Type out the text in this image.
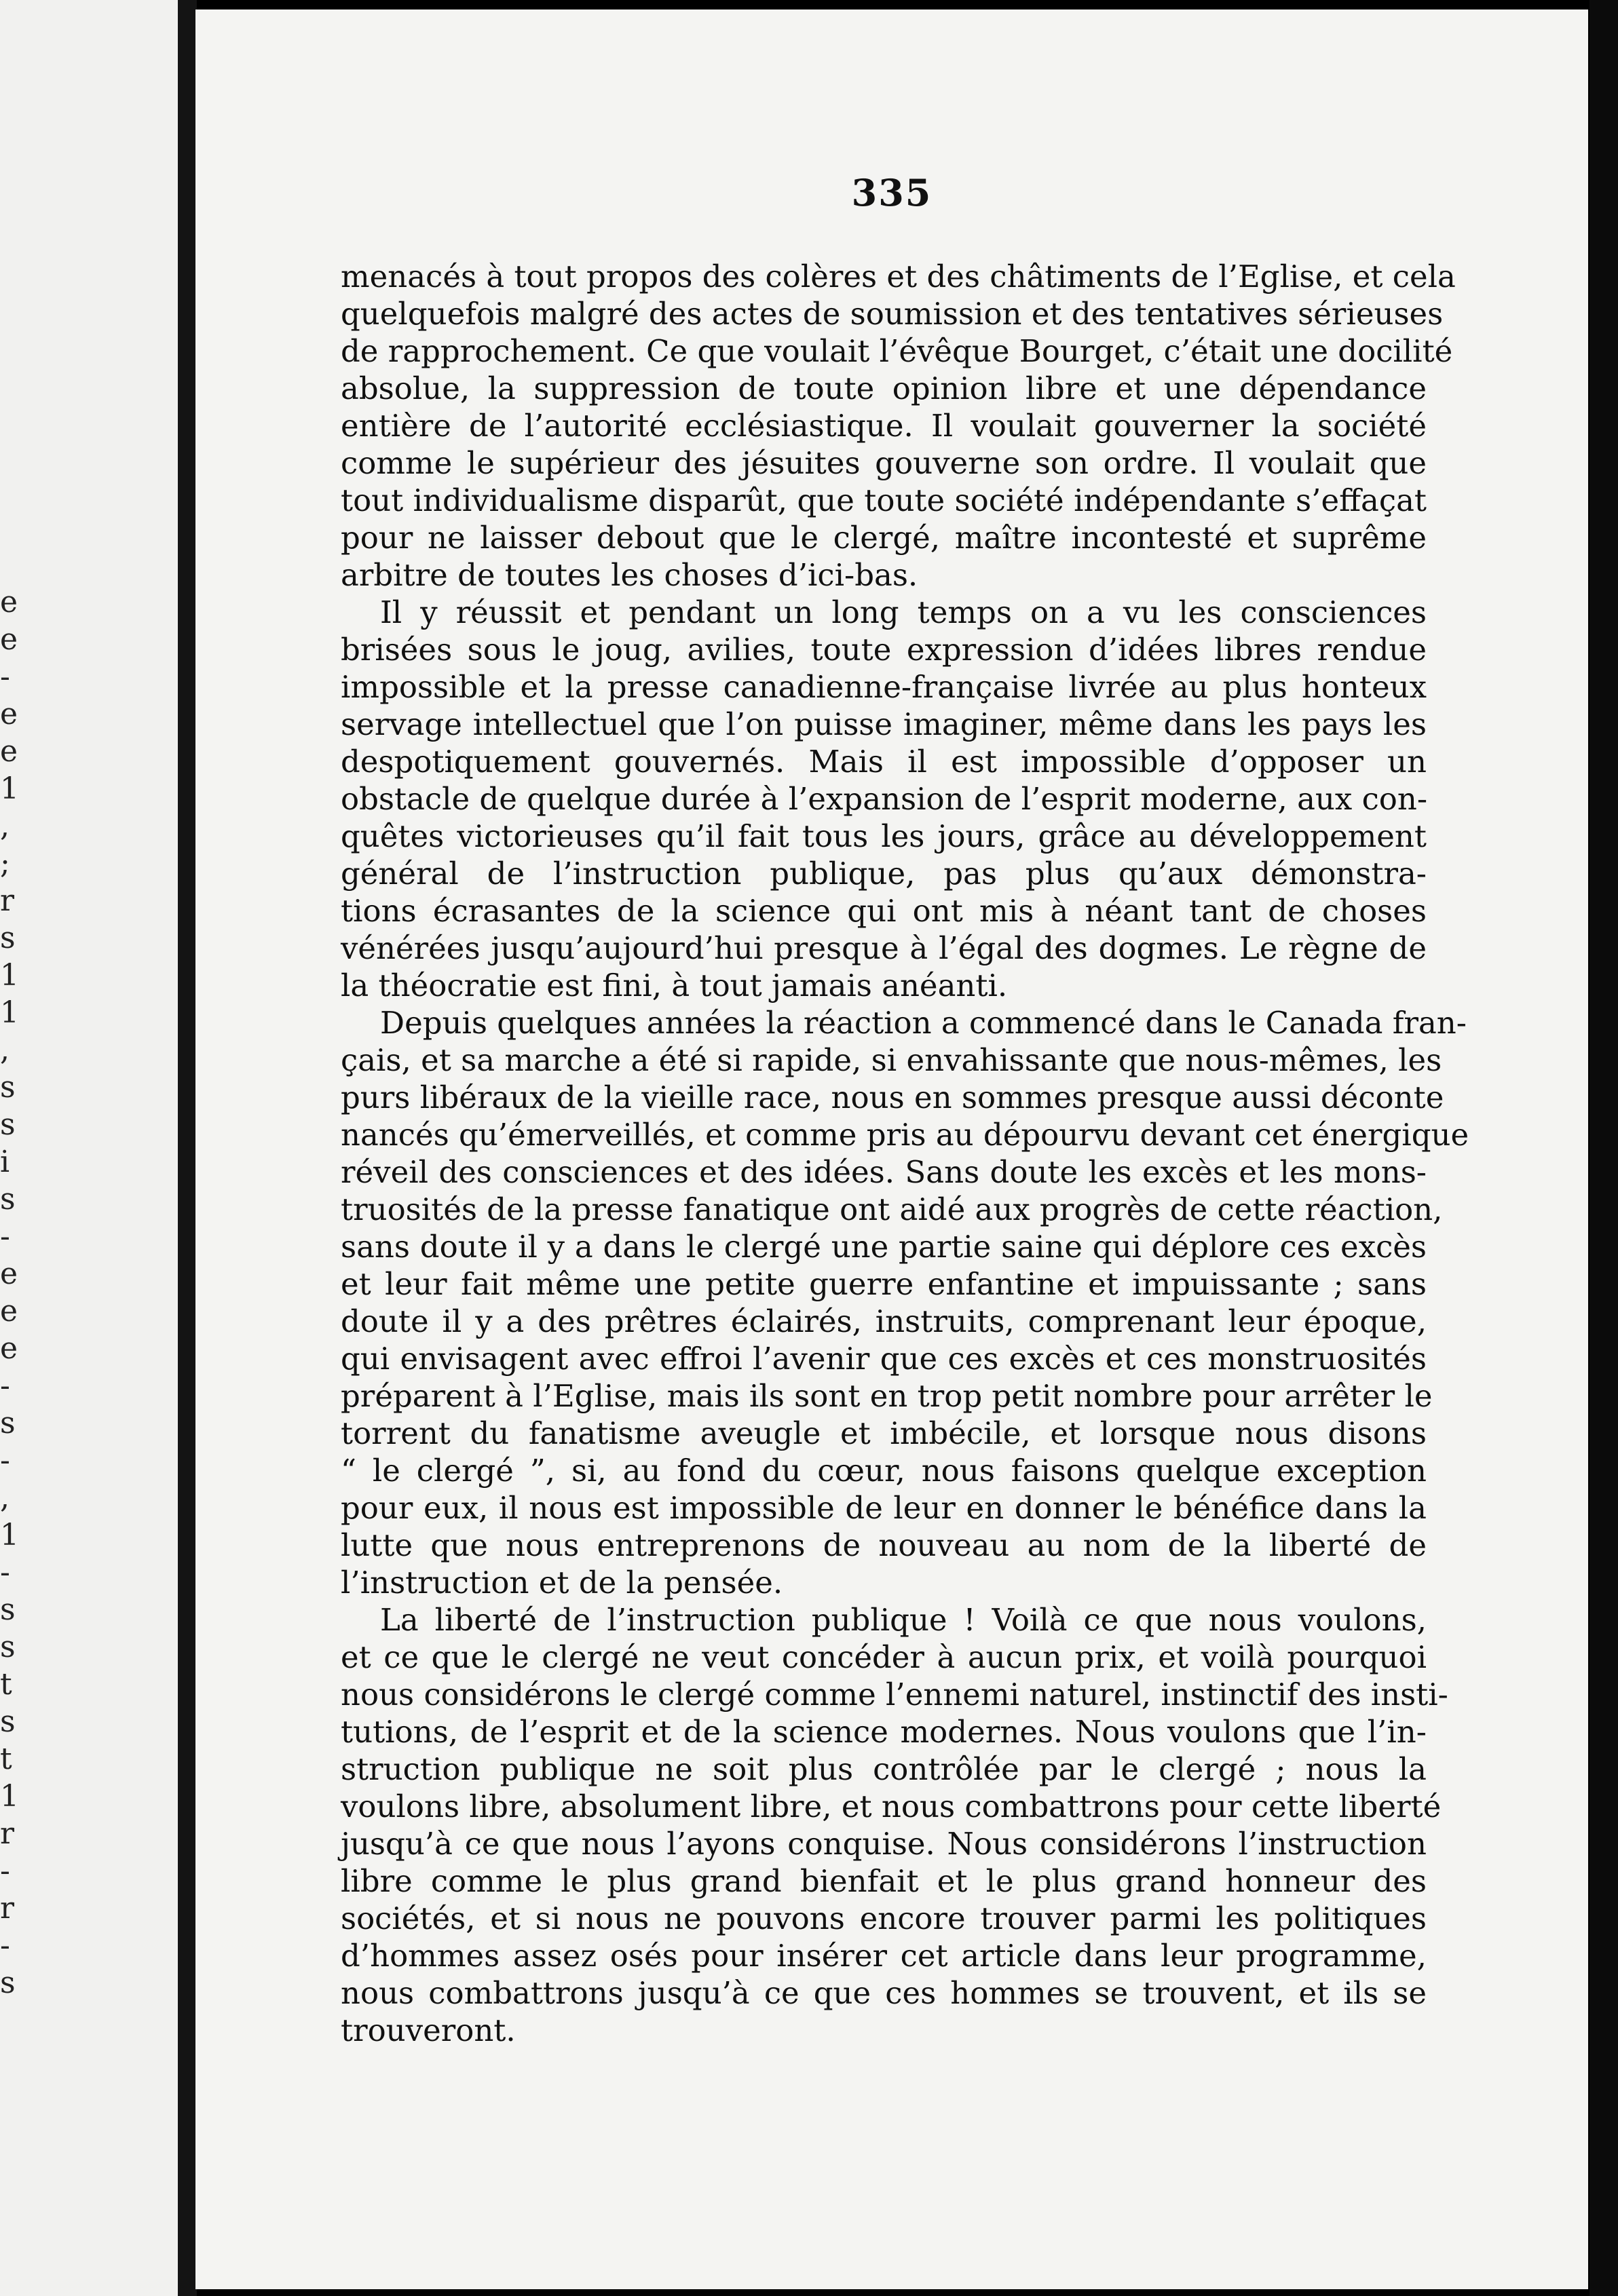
e
e
-
e
e
1
,
;
r
s
1
1
,
s
s
i
s
-
e
e
e
-
s
-
,
1
-
s
s
t
s
t
1
r
-
r
-
s
335

menacés à tout propos des colères et des châtiments de l’Eglise, et cela
quelquefois malgré des actes de soumission et des tentatives sérieuses
de rapprochement. Ce que voulait l’évêque Bourget, c’était une docilité
absolue, la suppression de toute opinion libre et une dépendance
entière de l’autorité ecclésiastique. Il voulait gouverner la société
comme le supérieur des jésuites gouverne son ordre. Il voulait que
tout individualisme disparût, que toute société indépendante s’effaçat
pour ne laisser debout que le clergé, maître incontesté et suprême
arbitre de toutes les choses d’ici-bas.

Il y réussit et pendant un long temps on a vu les consciences
brisées sous le joug, avilies, toute expression d’idées libres rendue
impossible et la presse canadienne-française livrée au plus honteux
servage intellectuel que l’on puisse imaginer, même dans les pays les
despotiquement gouvernés. Mais il est impossible d’opposer un
obstacle de quelque durée à l’expansion de l’esprit moderne, aux con-
quêtes victorieuses qu’il fait tous les jours, grâce au développement
général de l’instruction publique, pas plus qu’aux démonstra-
tions écrasantes de la science qui ont mis à néant tant de choses
vénérées jusqu’aujourd’hui presque à l’égal des dogmes. Le règne de
la théocratie est fini, à tout jamais anéanti.

Depuis quelques années la réaction a commencé dans le Canada fran-
çais, et sa marche a été si rapide, si envahissante que nous-mêmes, les
purs libéraux de la vieille race, nous en sommes presque aussi déconte
nancés qu’émerveillés, et comme pris au dépourvu devant cet énergique
réveil des consciences et des idées. Sans doute les excès et les mons-
truosités de la presse fanatique ont aidé aux progrès de cette réaction,
sans doute il y a dans le clergé une partie saine qui déplore ces excès
et leur fait même une petite guerre enfantine et impuissante ; sans
doute il y a des prêtres éclairés, instruits, comprenant leur époque,
qui envisagent avec effroi l’avenir que ces excès et ces monstruosités
préparent à l’Eglise, mais ils sont en trop petit nombre pour arrêter le
torrent du fanatisme aveugle et imbécile, et lorsque nous disons
“ le clergé ”, si, au fond du cœur, nous faisons quelque exception
pour eux, il nous est impossible de leur en donner le bénéfice dans la
lutte que nous entreprenons de nouveau au nom de la liberté de
l’instruction et de la pensée.

La liberté de l’instruction publique ! Voilà ce que nous voulons,
et ce que le clergé ne veut concéder à aucun prix, et voilà pourquoi
nous considérons le clergé comme l’ennemi naturel, instinctif des insti-
tutions, de l’esprit et de la science modernes. Nous voulons que l’in-
struction publique ne soit plus contrôlée par le clergé ; nous la
voulons libre, absolument libre, et nous combattrons pour cette liberté
jusqu’à ce que nous l’ayons conquise. Nous considérons l’instruction
libre comme le plus grand bienfait et le plus grand honneur des
sociétés, et si nous ne pouvons encore trouver parmi les politiques
d’hommes assez osés pour insérer cet article dans leur programme,
nous combattrons jusqu’à ce que ces hommes se trouvent, et ils se
trouveront.
